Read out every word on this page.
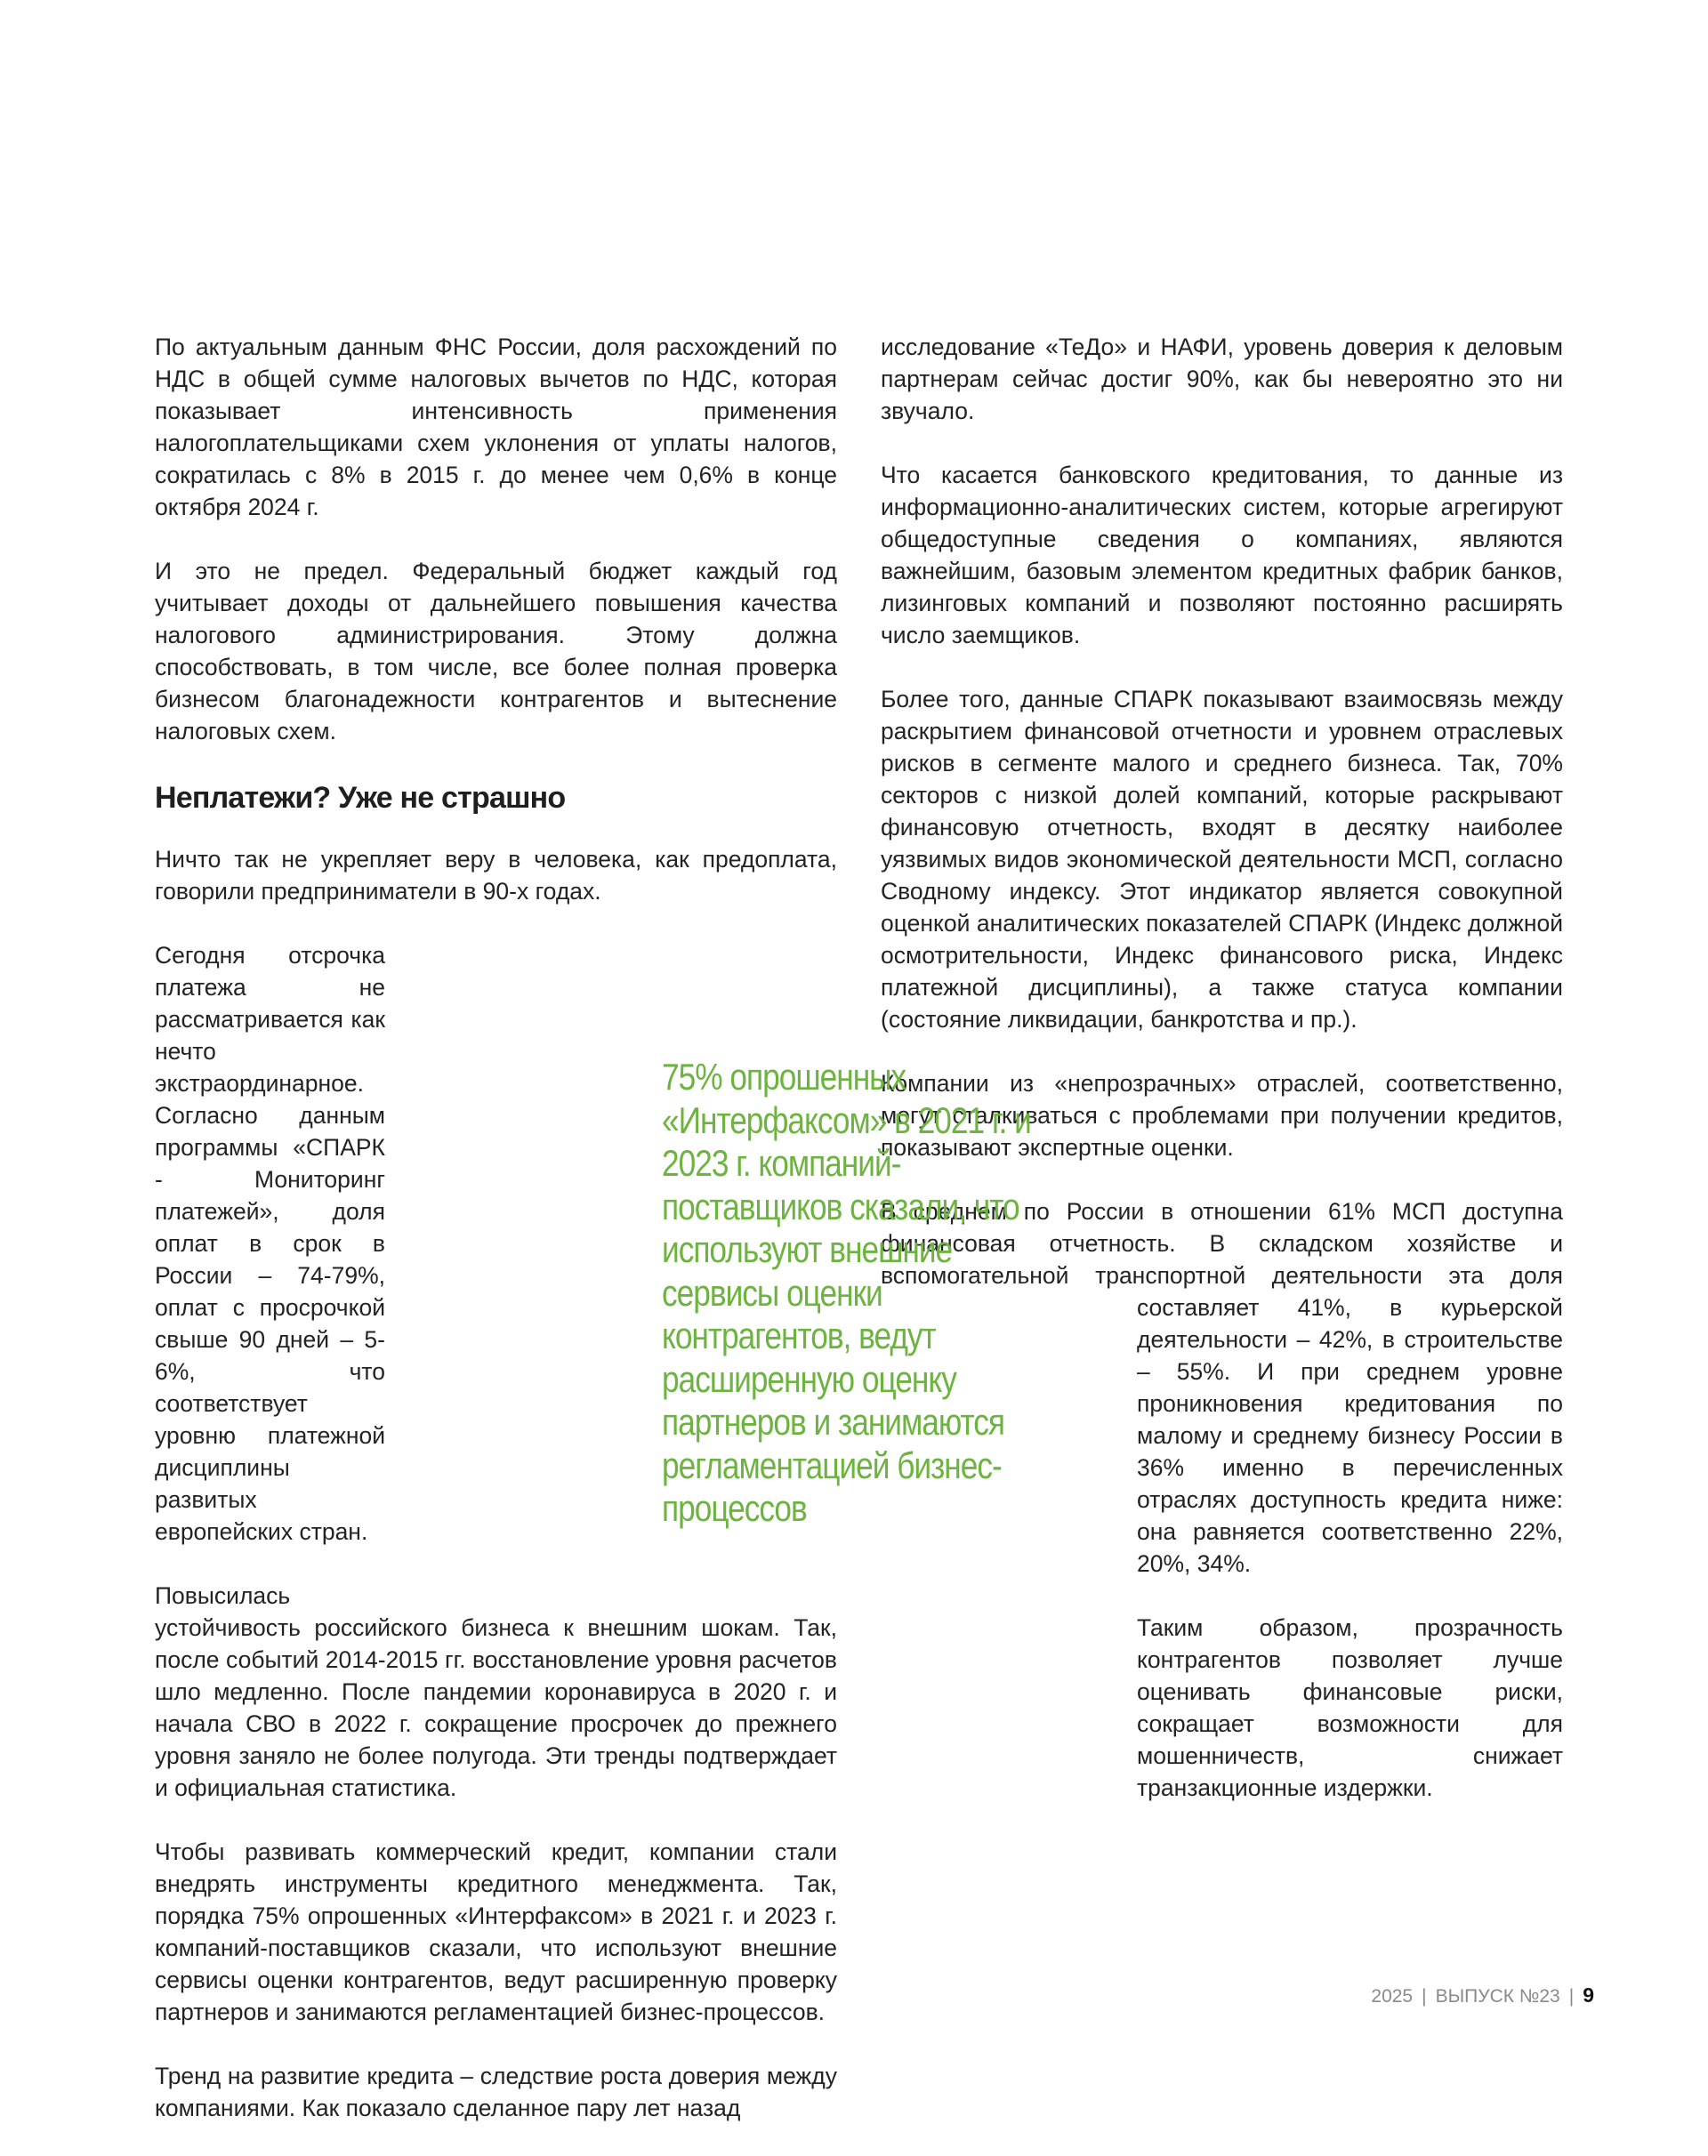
По актуальным данным ФНС России, доля расхождений по НДС в общей сумме налоговых вычетов по НДС, которая показывает интенсивность применения налогоплательщиками схем уклонения от уплаты налогов, сократилась с 8% в 2015 г. до менее чем 0,6% в конце октября 2024 г.

И это не предел. Федеральный бюджет каждый год учитывает доходы от дальнейшего повышения качества налогового администрирования. Этому должна способствовать, в том числе, все более полная проверка бизнесом благонадежности контрагентов и вытеснение налоговых схем.

Неплатежи? Уже не страшно

Ничто так не укрепляет веру в человека, как предоплата, говорили предприниматели в 90-х годах.

Сегодня отсрочка платежа не рассматривается как нечто экстраординарное. Согласно данным программы «СПАРК - Мониторинг платежей», доля оплат в срок в России – 74-79%, оплат с просрочкой свыше 90 дней – 5-6%, что соответствует уровню платежной дисциплины развитых европейских стран.

Повысилась устойчивость российского бизнеса к внешним шокам. Так, после событий 2014-2015 гг. восстановление уровня расчетов шло медленно. После пандемии коронавируса в 2020 г. и начала СВО в 2022 г. сокращение просрочек до прежнего уровня заняло не более полугода. Эти тренды подтверждает и официальная статистика.

Чтобы развивать коммерческий кредит, компании стали внедрять инструменты кредитного менеджмента. Так, порядка 75% опрошенных «Интерфаксом» в 2021 г. и 2023 г. компаний-поставщиков сказали, что используют внешние сервисы оценки контрагентов, ведут расширенную проверку партнеров и занимаются регламентацией бизнес-процессов.

Тренд на развитие кредита – следствие роста доверия между компаниями. Как показало сделанное пару лет назад

исследование «ТеДо» и НАФИ, уровень доверия к деловым партнерам сейчас достиг 90%, как бы невероятно это ни звучало.

Что касается банковского кредитования, то данные из информационно-аналитических систем, которые агрегируют общедоступные сведения о компаниях, являются важнейшим, базовым элементом кредитных фабрик банков, лизинговых компаний и позволяют постоянно расширять число заемщиков.

Более того, данные СПАРК показывают взаимосвязь между раскрытием финансовой отчетности и уровнем отраслевых рисков в сегменте малого и среднего бизнеса. Так, 70% секторов с низкой долей компаний, которые раскрывают финансовую отчетность, входят в десятку наиболее уязвимых видов экономической деятельности МСП, согласно Сводному индексу. Этот индикатор является совокупной оценкой аналитических показателей СПАРК (Индекс должной осмотрительности, Индекс финансового риска, Индекс платежной дисциплины), а также статуса компании (состояние ликвидации, банкротства и пр.).

Компании из «непрозрачных» отраслей, соответственно, могут сталкиваться с проблемами при получении кредитов, показывают экспертные оценки.

В среднем по России в отношении 61% МСП доступна финансовая отчетность. В складском хозяйстве и вспомогательной транспортной деятельности эта доля составляет 41%, в курьерской деятельности – 42%, в строительстве – 55%. И при среднем уровне проникновения кредитования по малому и среднему бизнесу России в 36% именно в перечисленных отраслях доступность кредита ниже: она равняется соответственно 22%, 20%, 34%.

Таким образом, прозрачность контрагентов позволяет лучше оценивать финансовые риски, сокращает возможности для мошенничеств, снижает транзакционные издержки.

75% опрошенных «Интерфаксом» в 2021 г. и 2023 г. компаний-поставщиков сказали, что используют внешние сервисы оценки контрагентов, ведут расширенную оценку партнеров и занимаются регламентацией бизнес-процессов
2025 | ВЫПУСК №23 | 9
